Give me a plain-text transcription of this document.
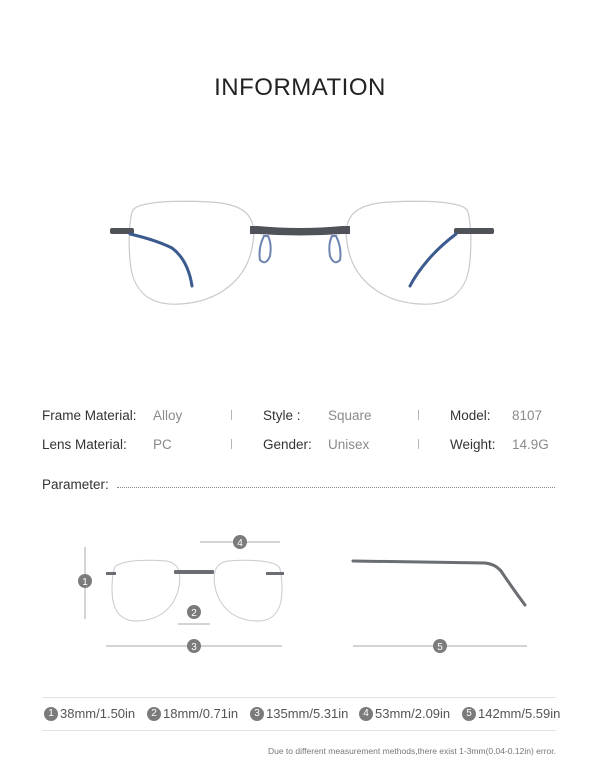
INFORMATION
Frame Material: Alloy	Style : Square	Model: 8107
Lens Material: PC	Gender: Unisex	Weight: 14.9G
Parameter:
4
1
2
3	5
1 38mm/1.50in	2 18mm/0.71in	3 135mm/5.31in	4 53mm/2.09in	5 142mm/5.59in
Due to different measurement methods,there exist 1-3mm(0.04-0.12in) error.
